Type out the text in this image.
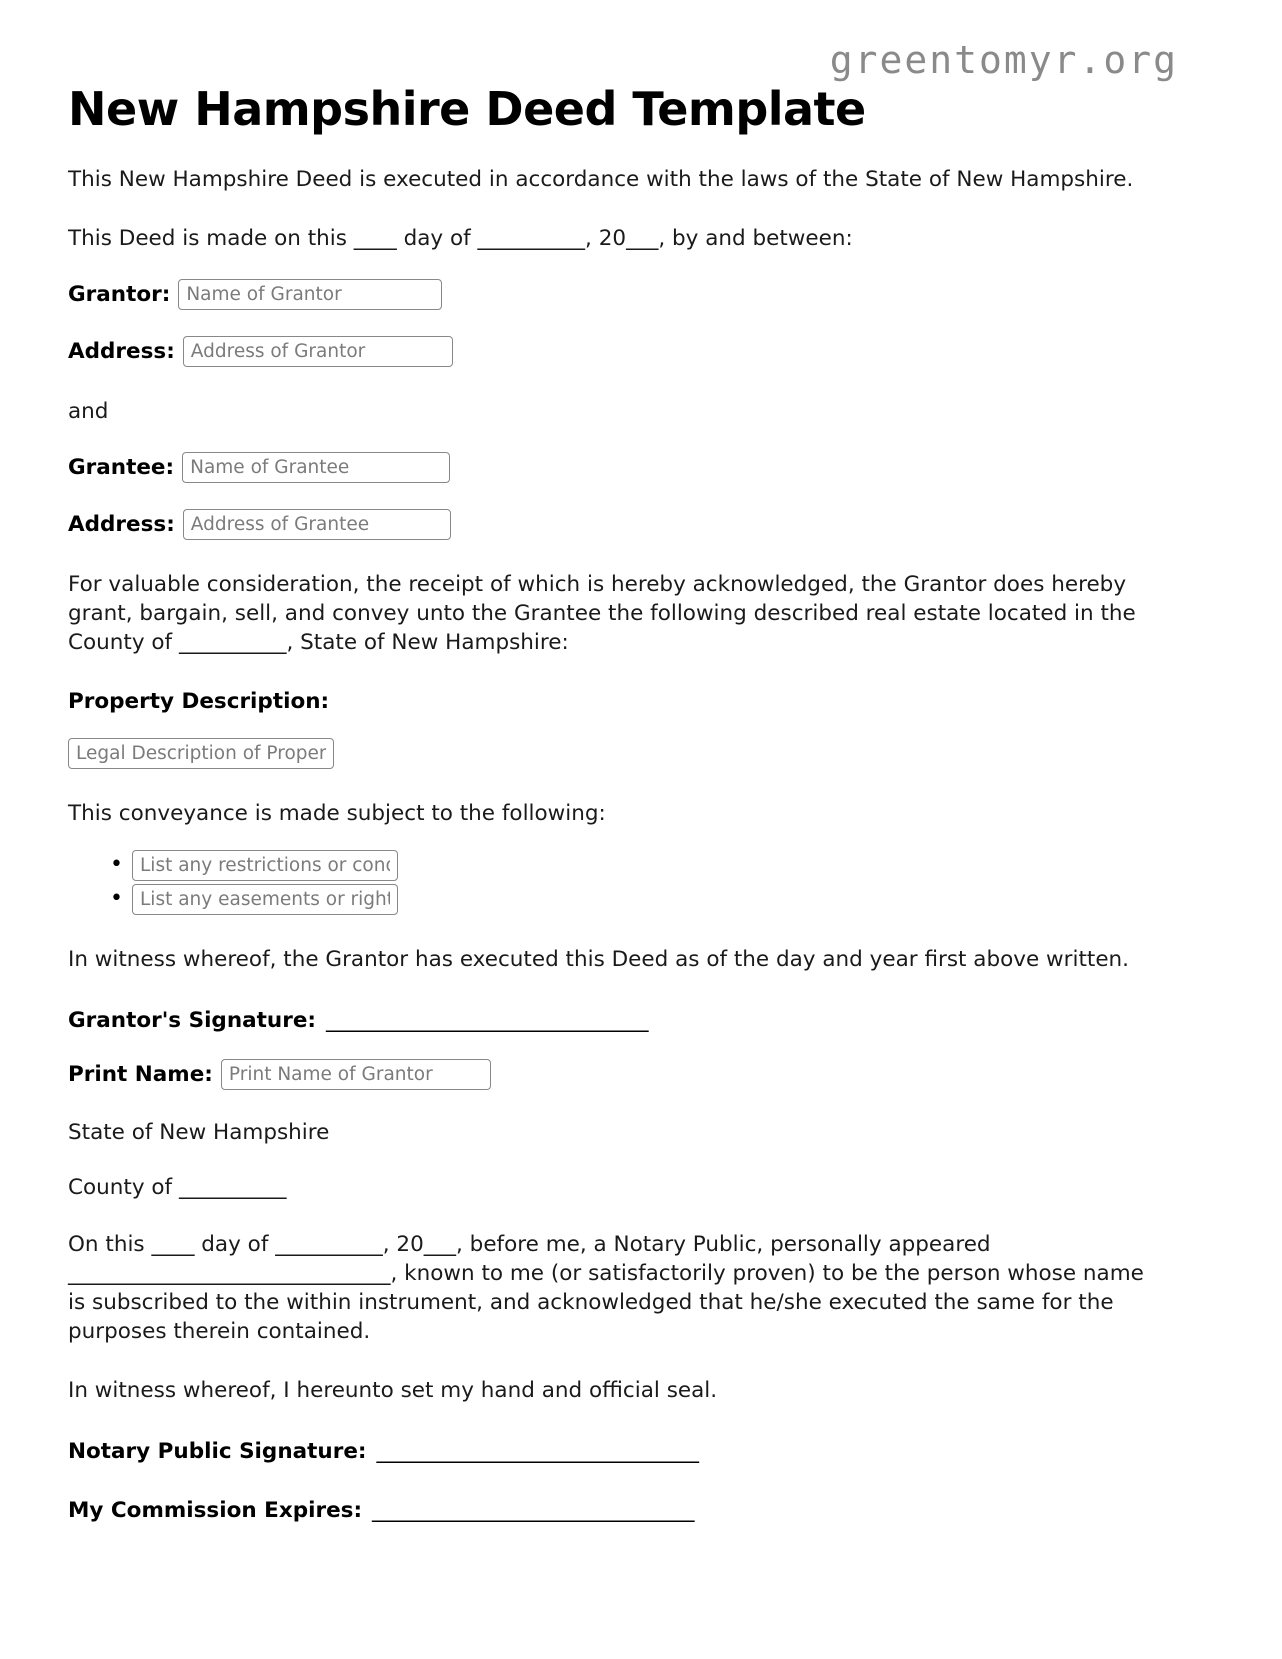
greentomyr.org
New Hampshire Deed Template

This New Hampshire Deed is executed in accordance with the laws of the State of New Hampshire.

This Deed is made on this ____ day of __________, 20___, by and between:

Grantor:
Name of Grantor
Address:
Address of Grantor

and

Grantee:
Name of Grantee
Address:
Address of Grantee

For valuable consideration, the receipt of which is hereby acknowledged, the Grantor does hereby grant, bargain, sell, and convey unto the Grantee the following described real estate located in the County of __________, State of New Hampshire:

Property Description:
Legal Description of Property

This conveyance is made subject to the following:

•
List any restrictions or conditions
•
List any easements or rights of way

In witness whereof, the Grantor has executed this Deed as of the day and year first above written.

Grantor's Signature: ______________________________
Print Name:
Print Name of Grantor
State of New Hampshire
County of __________

On this ____ day of __________, 20___, before me, a Notary Public, personally appeared ______________________________, known to me (or satisfactorily proven) to be the person whose name is subscribed to the within instrument, and acknowledged that he/she executed the same for the purposes therein contained.

In witness whereof, I hereunto set my hand and official seal.

Notary Public Signature: ______________________________
My Commission Expires: ______________________________
